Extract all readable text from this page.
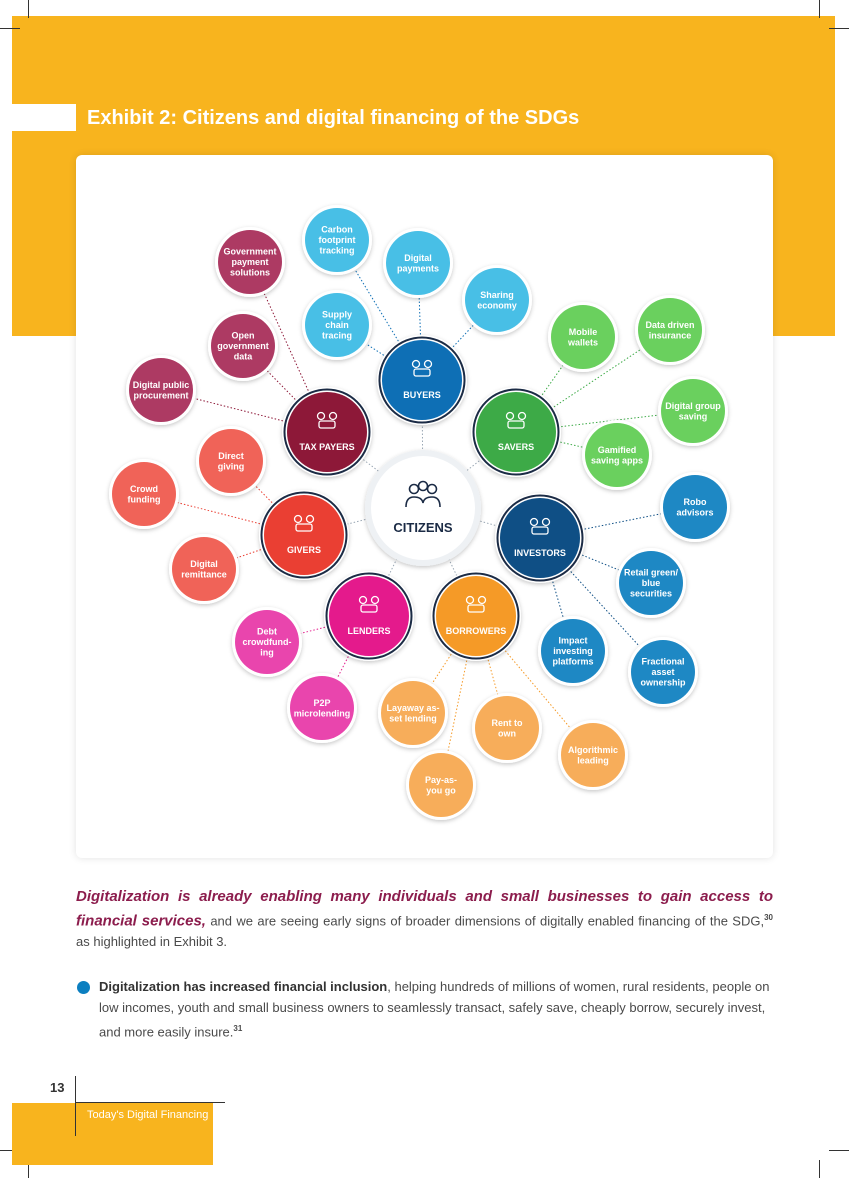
Exhibit 2: Citizens and digital financing of the SDGs
Carbon
footprint
tracking
Digital
payments
Sharing
economy
Supply
chain
tracing	Mobile
wallets
Data driven
insurance
Digital group
saving
Gamified
saving apps
Robo
advisors
Retail green/
blue
securities
Fractional
asset
ownership
Impact
investing
platforms
Algorithmic
leading
Rent to
own
Layaway as-
set lending
Pay-as-
you go
Debt
crowdfund-
ing
P2P
microlending
Direct
giving
Crowd
funding
Digital
remittance
Government
payment
solutions
Open
government
data
Digital public
procurement	BUYERS
SAVERS
INVESTORS
BORROWERS
LENDERS
GIVERS
TAX PAYERS
CITIZENS
Digitalization is already enabling many individuals and small businesses to gain access to financial services, and we are seeing early signs of broader dimensions of digitally enabled financing of the SDG,$^{30}$ as highlighted in Exhibit 3.
Digitalization has increased financial inclusion, helping hundreds of millions of women, rural residents, people on low incomes, youth and small business owners to seamlessly transact, safely save, cheaply borrow, securely invest, and more easily insure.$^{31}$
13
Today's Digital Financing
